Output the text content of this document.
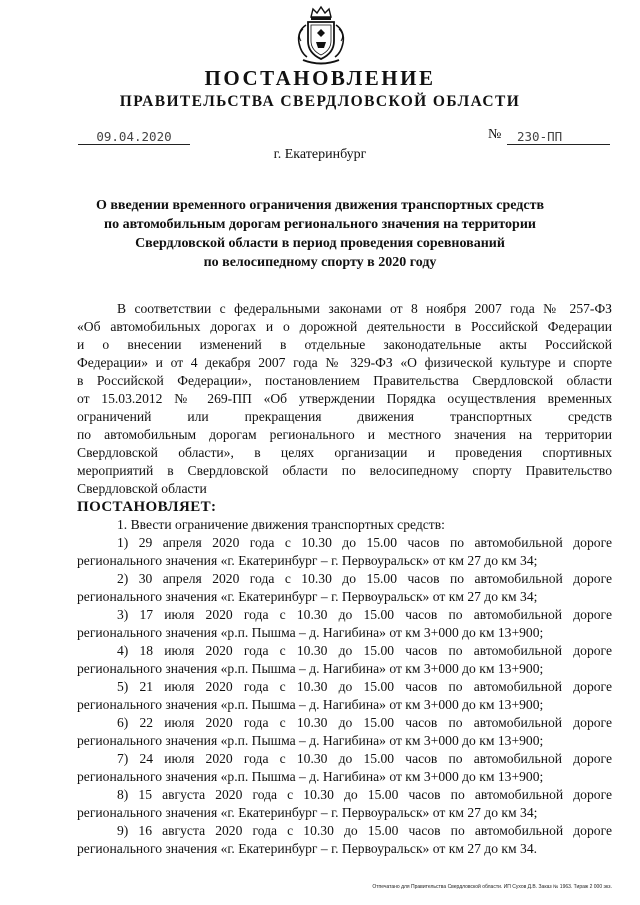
ПОСТАНОВЛЕНИЕ
ПРАВИТЕЛЬСТВА СВЕРДЛОВСКОЙ ОБЛАСТИ
09.04.2020	№	230-ПП
г. Екатеринбург
О введении временного ограничения движения транспортных средств
по автомобильным дорогам регионального значения на территории
Свердловской области в период проведения соревнований
по велосипедному спорту в 2020 году
В соответствии с федеральными законами от 8 ноября 2007 года № 257-ФЗ
«Об автомобильных дорогах и о дорожной деятельности в Российской Федерации
и о внесении изменений в отдельные законодательные акты Российской
Федерации» и от 4 декабря 2007 года № 329-ФЗ «О физической культуре и спорте
в Российской Федерации», постановлением Правительства Свердловской области
от 15.03.2012 № 269-ПП «Об утверждении Порядка осуществления временных
ограничений или прекращения движения транспортных средств
по автомобильным дорогам регионального и местного значения на территории
Свердловской области», в целях организации и проведения спортивных
мероприятий в Свердловской области по велосипедному спорту Правительство
Свердловской области
ПОСТАНОВЛЯЕТ:
1. Ввести ограничение движения транспортных средств:
1) 29 апреля 2020 года с 10.30 до 15.00 часов по автомобильной дороге
регионального значения «г. Екатеринбург – г. Первоуральск» от км 27 до км 34;
2) 30 апреля 2020 года с 10.30 до 15.00 часов по автомобильной дороге
регионального значения «г. Екатеринбург – г. Первоуральск» от км 27 до км 34;
3) 17 июля 2020 года с 10.30 до 15.00 часов по автомобильной дороге
регионального значения «р.п. Пышма – д. Нагибина» от км 3+000 до км 13+900;
4) 18 июля 2020 года с 10.30 до 15.00 часов по автомобильной дороге
регионального значения «р.п. Пышма – д. Нагибина» от км 3+000 до км 13+900;
5) 21 июля 2020 года с 10.30 до 15.00 часов по автомобильной дороге
регионального значения «р.п. Пышма – д. Нагибина» от км 3+000 до км 13+900;
6) 22 июля 2020 года с 10.30 до 15.00 часов по автомобильной дороге
регионального значения «р.п. Пышма – д. Нагибина» от км 3+000 до км 13+900;
7) 24 июля 2020 года с 10.30 до 15.00 часов по автомобильной дороге
регионального значения «р.п. Пышма – д. Нагибина» от км 3+000 до км 13+900;
8) 15 августа 2020 года с 10.30 до 15.00 часов по автомобильной дороге
регионального значения «г. Екатеринбург – г. Первоуральск» от км 27 до км 34;
9) 16 августа 2020 года с 10.30 до 15.00 часов по автомобильной дороге
регионального значения «г. Екатеринбург – г. Первоуральск» от км 27 до км 34.
Отпечатано для Правительства Свердловской области. ИП Сухов Д.В. Заказ № 1963. Тираж 2 000 экз.
